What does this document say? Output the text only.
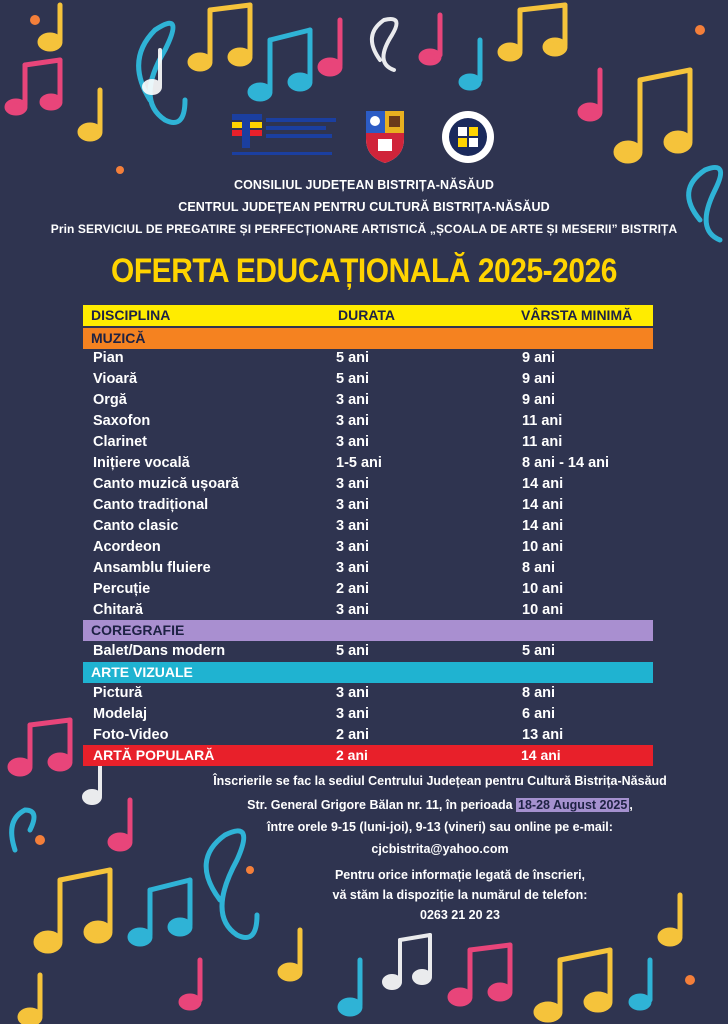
CONSILIUL JUDEȚEAN BISTRIȚA-NĂSĂUD
CENTRUL JUDEȚEAN PENTRU CULTURĂ BISTRIȚA-NĂSĂUD
Prin SERVICIUL DE PREGATIRE ȘI PERFECȚIONARE ARTISTICĂ „ȘCOALA DE ARTE ȘI MESERII” BISTRIȚA
OFERTA EDUCAȚIONALĂ 2025-2026
DISCIPLINA	DURATA	VÂRSTA MINIMĂ
MUZICĂ
Pian	5 ani	9 ani
Vioară	5 ani	9 ani
Orgă	3 ani	9 ani
Saxofon	3 ani	11 ani
Clarinet	3 ani	11 ani
Inițiere vocală	1-5 ani	8 ani - 14 ani
Canto muzică ușoară	3 ani	14 ani
Canto tradițional	3 ani	14 ani
Canto clasic	3 ani	14 ani
Acordeon	3 ani	10 ani
Ansamblu fluiere	3 ani	8 ani
Percuție	2 ani	10 ani
Chitară	3 ani	10 ani
COREGRAFIE
Balet/Dans modern	5 ani	5 ani
ARTE VIZUALE
Pictură	3 ani	8 ani
Modelaj	3 ani	6 ani
Foto-Video	2 ani	13 ani
ARTĂ POPULARĂ	2 ani	14 ani
Înscrierile se fac la sediul Centrului Județean pentru Cultură Bistrița-Năsăud
Str. General Grigore Bălan nr. 11, în perioada 18-28 August 2025 ,
între orele 9-15 (luni-joi), 9-13 (vineri) sau online pe e-mail:
cjcbistrita@yahoo.com
Pentru orice informație legată de înscrieri,
vă stăm la dispoziție la numărul de telefon:
0263 21 20 23
